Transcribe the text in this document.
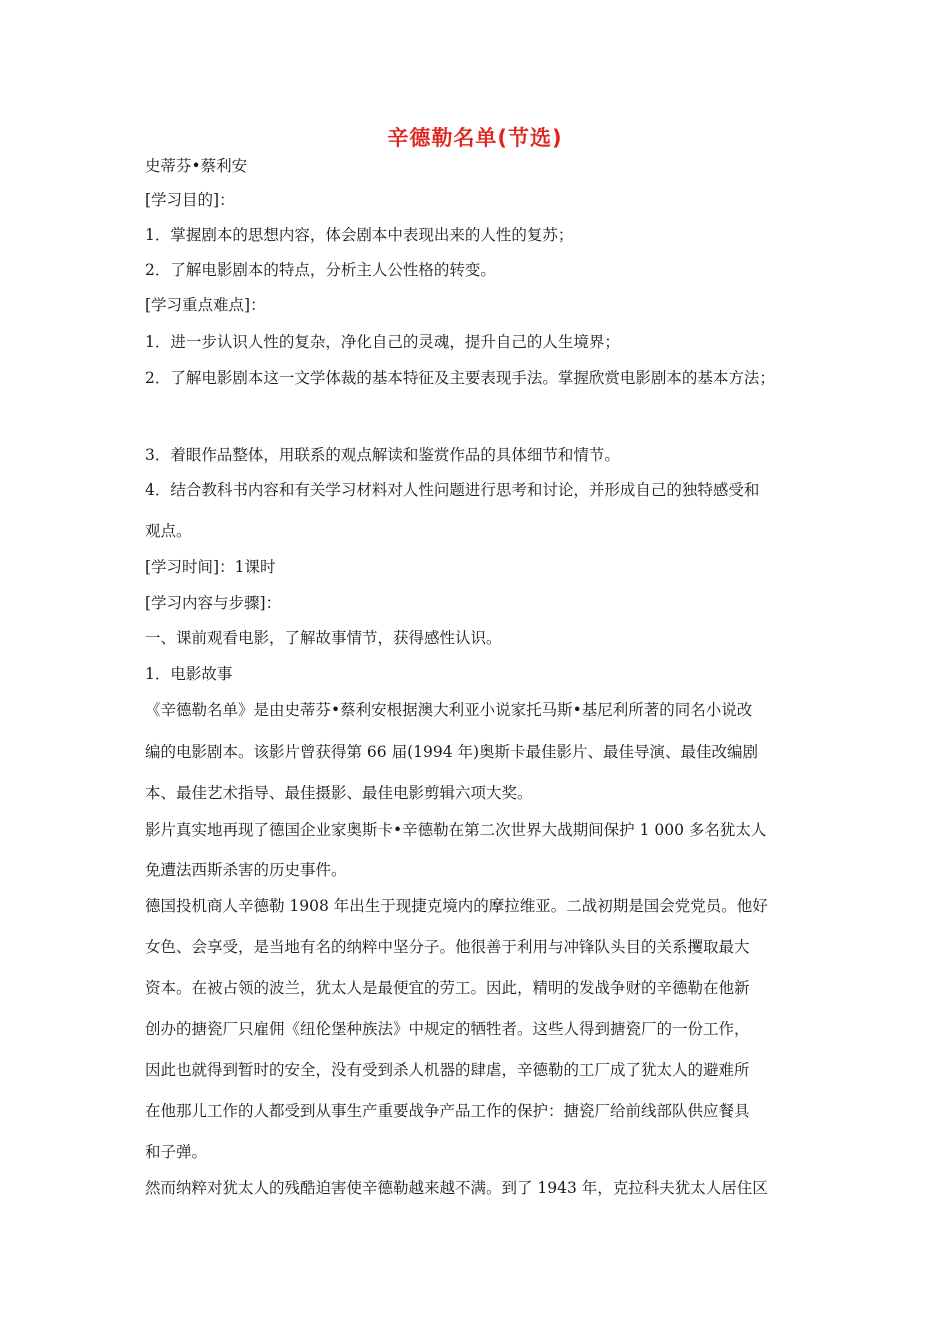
辛德勒名单(节选)
史蒂芬•蔡利安
[学习目的]：
1．掌握剧本的思想内容，体会剧本中表现出来的人性的复苏；
2．了解电影剧本的特点，分析主人公性格的转变。
[学习重点难点]：
1．进一步认识人性的复杂，净化自己的灵魂，提升自己的人生境界；
2．了解电影剧本这一文学体裁的基本特征及主要表现手法。掌握欣赏电影剧本的基本方法；
3．着眼作品整体，用联系的观点解读和鉴赏作品的具体细节和情节。
4．结合教科书内容和有关学习材料对人性问题进行思考和讨论，并形成自己的独特感受和
观点。
[学习时间]：1课时
[学习内容与步骤]：
一、课前观看电影，了解故事情节，获得感性认识。
1．电影故事
《辛德勒名单》是由史蒂芬•蔡利安根据澳大利亚小说家托马斯•基尼利所著的同名小说改
编的电影剧本。该影片曾获得第 66 届(1994 年)奥斯卡最佳影片、最佳导演、最佳改编剧
本、最佳艺术指导、最佳摄影、最佳电影剪辑六项大奖。
影片真实地再现了德国企业家奥斯卡•辛德勒在第二次世界大战期间保护 1 000 多名犹太人
免遭法西斯杀害的历史事件。
德国投机商人辛德勒 1908 年出生于现捷克境内的摩拉维亚。二战初期是国会党党员。他好
女色、会享受，是当地有名的纳粹中坚分子。他很善于利用与冲锋队头目的关系攫取最大
资本。在被占领的波兰，犹太人是最便宜的劳工。因此，精明的发战争财的辛德勒在他新
创办的搪瓷厂只雇佣《纽伦堡种族法》中规定的牺牲者。这些人得到搪瓷厂的一份工作，
因此也就得到暂时的安全，没有受到杀人机器的肆虐，辛德勒的工厂成了犹太人的避难所
在他那儿工作的人都受到从事生产重要战争产品工作的保护：搪瓷厂给前线部队供应餐具
和子弹。
然而纳粹对犹太人的残酷迫害使辛德勒越来越不满。到了 1943 年，克拉科夫犹太人居住区
